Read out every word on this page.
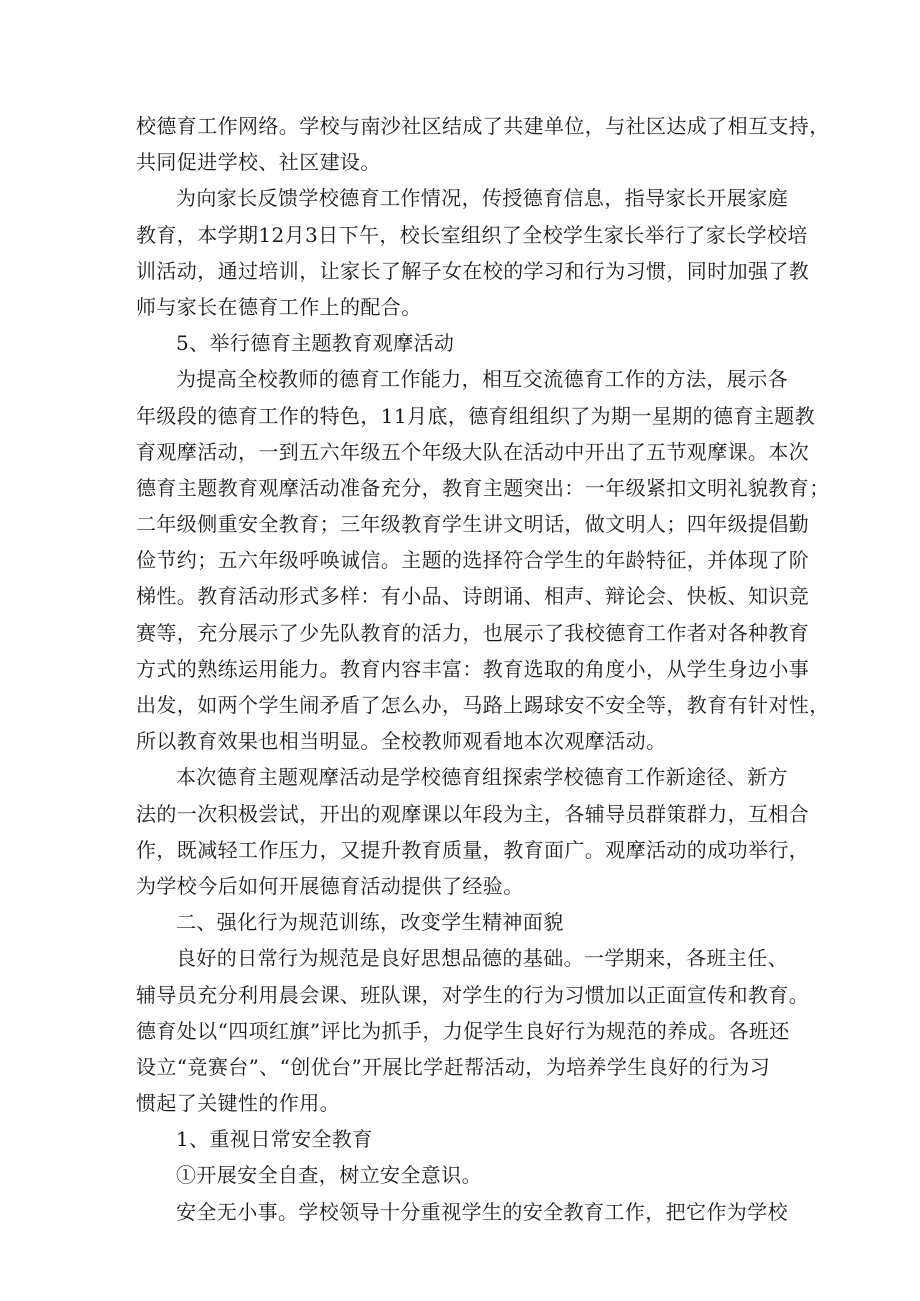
校德育工作网络。学校与南沙社区结成了共建单位，与社区达成了相互支持，
共同促进学校、社区建设。
为向家长反馈学校德育工作情况，传授德育信息，指导家长开展家庭
教育，本学期12月3日下午，校长室组织了全校学生家长举行了家长学校培
训活动，通过培训，让家长了解子女在校的学习和行为习惯，同时加强了教
师与家长在德育工作上的配合。
5、举行德育主题教育观摩活动
为提高全校教师的德育工作能力，相互交流德育工作的方法，展示各
年级段的德育工作的特色，11月底，德育组组织了为期一星期的德育主题教
育观摩活动，一到五六年级五个年级大队在活动中开出了五节观摩课。本次
德育主题教育观摩活动准备充分，教育主题突出：一年级紧扣文明礼貌教育；
二年级侧重安全教育；三年级教育学生讲文明话，做文明人；四年级提倡勤
俭节约；五六年级呼唤诚信。主题的选择符合学生的年龄特征，并体现了阶
梯性。教育活动形式多样：有小品、诗朗诵、相声、辩论会、快板、知识竞
赛等，充分展示了少先队教育的活力，也展示了我校德育工作者对各种教育
方式的熟练运用能力。教育内容丰富：教育选取的角度小，从学生身边小事
出发，如两个学生闹矛盾了怎么办，马路上踢球安不安全等，教育有针对性，
所以教育效果也相当明显。全校教师观看地本次观摩活动。
本次德育主题观摩活动是学校德育组探索学校德育工作新途径、新方
法的一次积极尝试，开出的观摩课以年段为主，各辅导员群策群力，互相合
作，既减轻工作压力，又提升教育质量，教育面广。观摩活动的成功举行，
为学校今后如何开展德育活动提供了经验。
二、强化行为规范训练，改变学生精神面貌
良好的日常行为规范是良好思想品德的基础。一学期来，各班主任、
辅导员充分利用晨会课、班队课，对学生的行为习惯加以正面宣传和教育。
德育处以“四项红旗”评比为抓手，力促学生良好行为规范的养成。各班还
设立“竞赛台”、“创优台”开展比学赶帮活动，为培养学生良好的行为习
惯起了关键性的作用。
1、重视日常安全教育
①开展安全自查，树立安全意识。
安全无小事。学校领导十分重视学生的安全教育工作，把它作为学校
